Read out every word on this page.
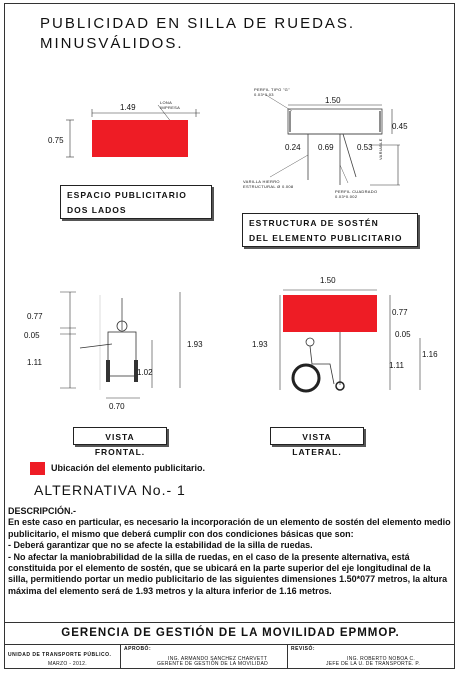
PUBLICIDAD EN SILLA DE RUEDAS.
MINUSVÁLIDOS.
1.49
0.75
LONA IMPRESA
ESPACIO PUBLICITARIO
DOS LADOS
PERFIL TIPO "G"
0.03*0.03
1.50
0.45
0.24 0.69	0.53
VARILLA HIERRO
ESTRUCTURAL Ø 0.008
PERFIL CUADRADO
0.03*0.002
VARIABLE
ESTRUCTURA DE SOSTÉN
DEL ELEMENTO PUBLICITARIO
0.77
0.05
1.11
1.93
1.02
0.70
VISTA FRONTAL.
1.50
0.77
0.05
1.93
1.16
1.11
VISTA LATERAL.
Ubicación del elemento publicitario.
ALTERNATIVA No.- 1

DESCRIPCIÓN.-

En este caso en particular, es necesario la incorporación de un elemento de sostén del elemento medio publicitario, el mismo que deberá cumplir con dos condiciones básicas que son:

- Deberá garantizar que no se afecte la estabilidad de la silla de ruedas.

- No afectar la maniobrabilidad de la silla de ruedas, en el caso de la presente alternativa, está constituida por el elemento de sostén, que se ubicará en la parte superior del eje longitudinal de la silla, permitiendo portar un medio publicitario de las siguientes dimensiones 1.50*077 metros, la altura máxima del elemento será de 1.93 metros y la altura inferior de 1.16 metros.

GERENCIA DE GESTIÓN DE LA MOVILIDAD EPMMOP.
UNIDAD DE TRANSPORTE PÚBLICO.
MARZO - 2012.
APROBÓ:
ING. ARMANDO SANCHEZ CHARVETT
GERENTE DE GESTIÓN DE LA MOVILIDAD
REVISÓ:
ING. ROBERTO NOBOA C.
JEFE DE LA U. DE TRANSPORTE. P.
